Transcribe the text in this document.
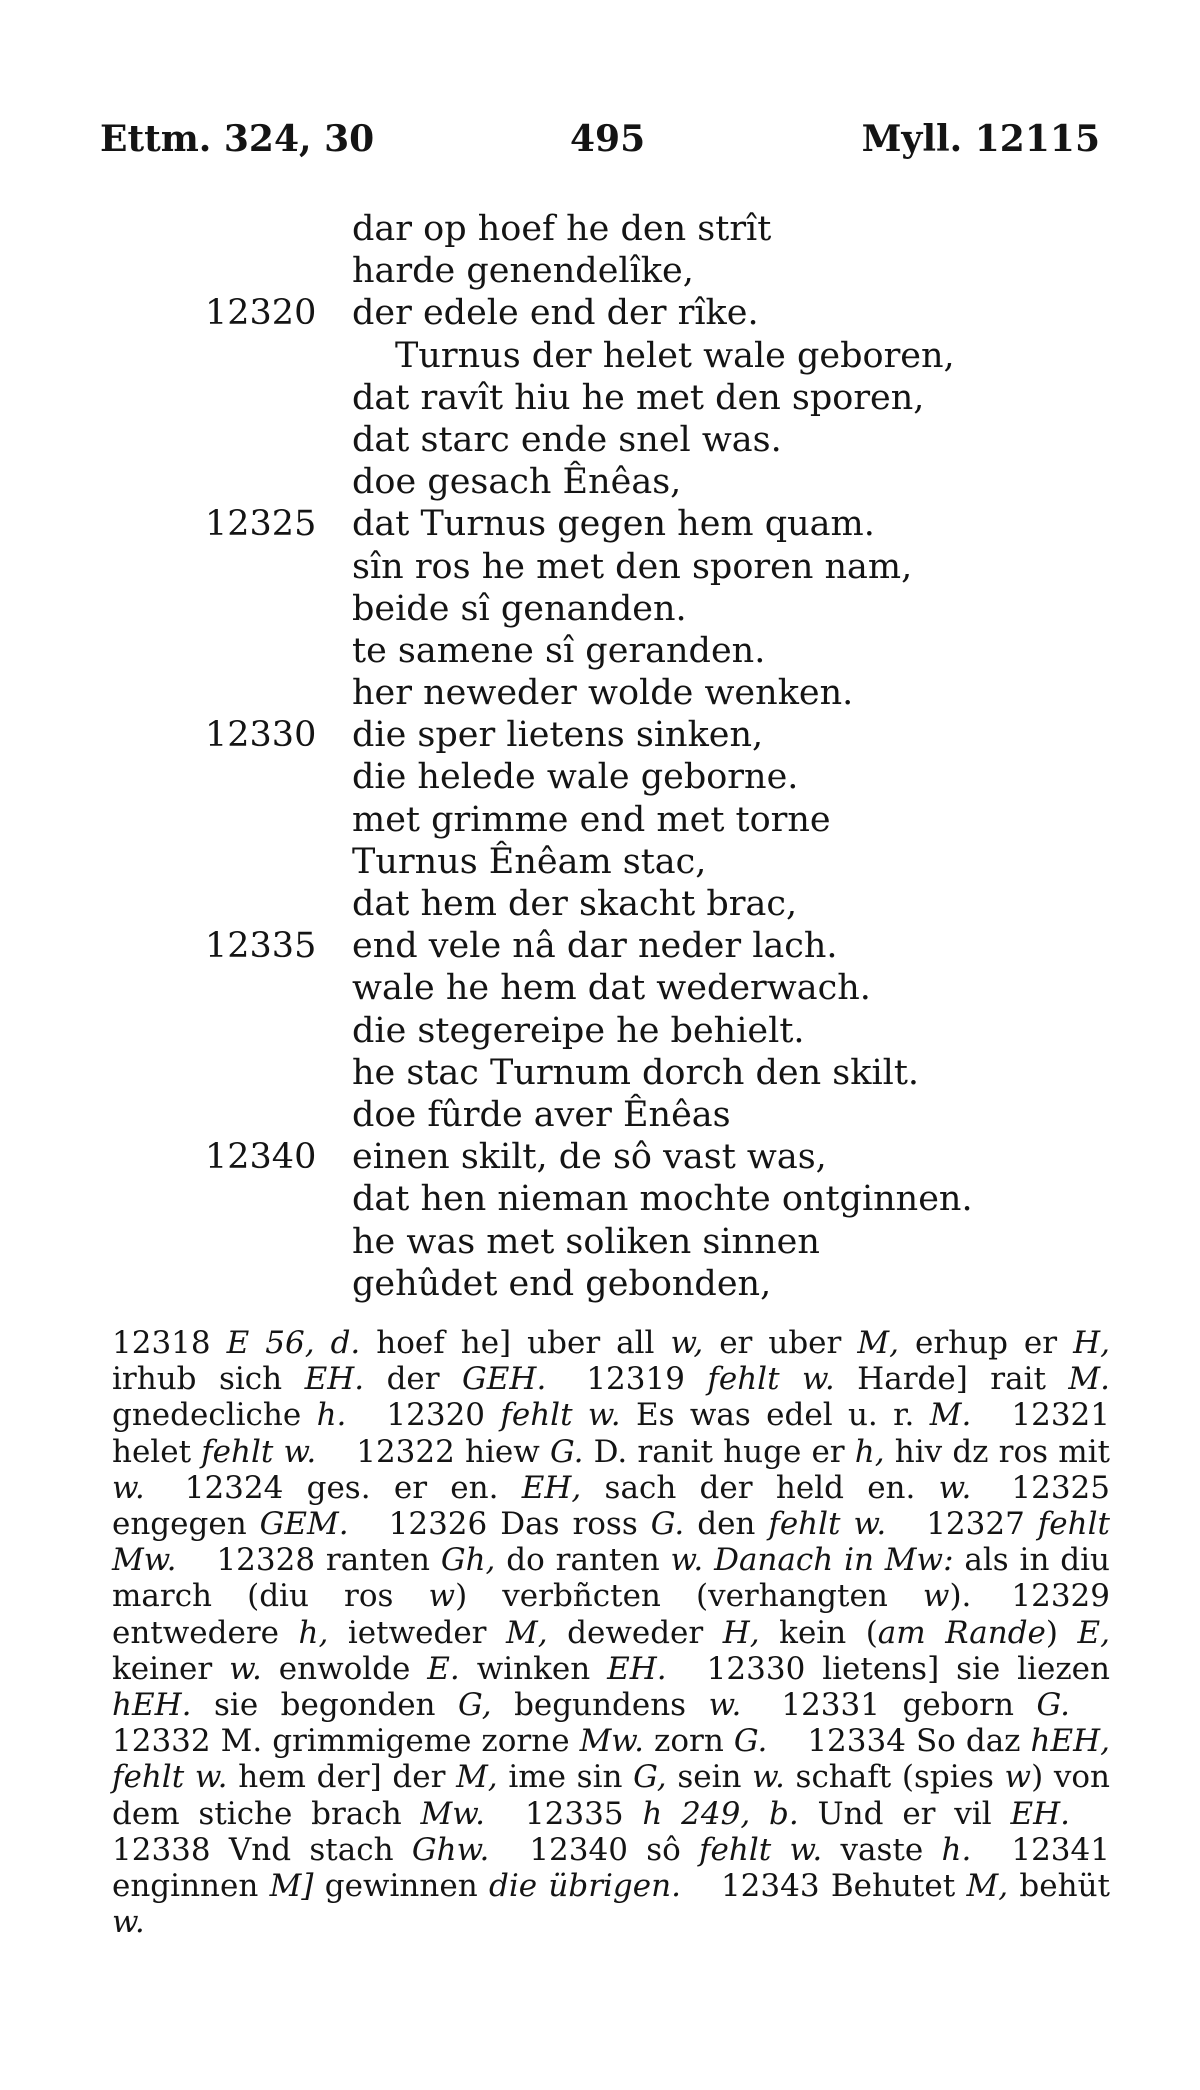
Ettm. 324, 30	495	Myll. 12115
dar op hoef he den strît
harde genendelîke,
12320 der edele end der rîke.
Turnus der helet wale geboren,
dat ravît hiu he met den sporen,
dat starc ende snel was.
doe gesach Ênêas,
12325 dat Turnus gegen hem quam.
sîn ros he met den sporen nam,
beide sî genanden.
te samene sî geranden.
her neweder wolde wenken.
12330 die sper lietens sinken,
die helede wale geborne.
met grimme end met torne
Turnus Ênêam stac,
dat hem der skacht brac,
12335 end vele nâ dar neder lach.
wale he hem dat wederwach.
die stegereipe he behielt.
he stac Turnum dorch den skilt.
doe fûrde aver Ênêas
12340 einen skilt, de sô vast was,
dat hen nieman mochte ontginnen.
he was met soliken sinnen
gehûdet end gebonden,
12318 E 56, d. hoef he] uber all w, er uber M, erhup er H, irhub sich EH. der GEH. 12319 fehlt w. Harde] rait M. gnedecliche h. 12320 fehlt w. Es was edel u. r. M. 12321 helet fehlt w. 12322 hiew G. D. ranit huge er h, hiv dz ros mit w. 12324 ges. er en. EH, sach der held en. w. 12325 engegen GEM. 12326 Das ross G. den fehlt w. 12327 fehlt Mw. 12328 ranten Gh, do ranten w. Danach in Mw: als in diu march (diu ros w) verbñcten (verhangten w). 12329 entwedere h, ietweder M, deweder H, kein (am Rande) E, keiner w. enwolde E. winken EH. 12330 lietens] sie liezen hEH. sie begonden G, begundens w. 12331 geborn G.12332 M. grimmigeme zorne Mw. zorn G. 12334 So daz hEH, fehlt w. hem der] der M, ime sin G, sein w. schaft (spies w) von dem stiche brach Mw. 12335 h 249, b. Und er vil EH.12338 Vnd stach Ghw. 12340 sô fehlt w. vaste h. 12341 enginnen M] gewinnen die übrigen. 12343 Behutet M, behüt w.
